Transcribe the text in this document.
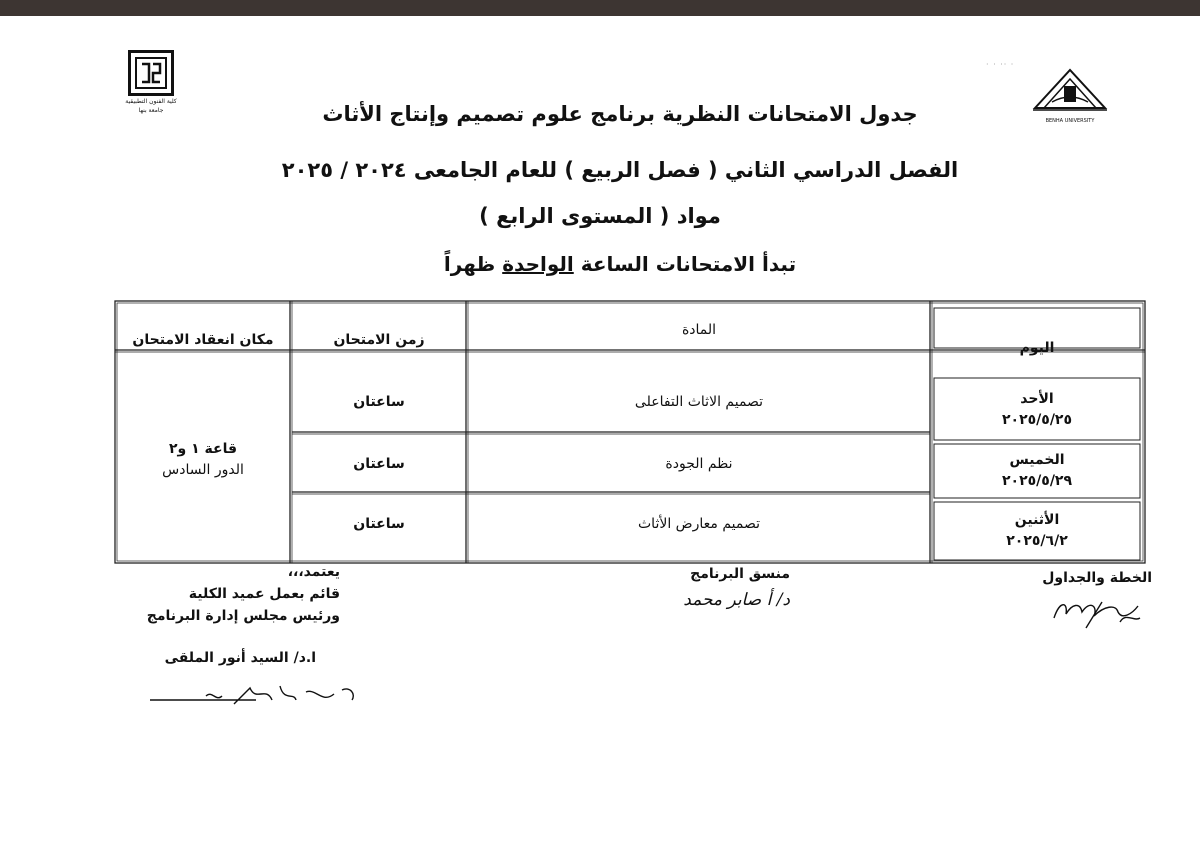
كلية الفنون التطبيقية
جامعة بنها
BENHA UNIVERSITY
· · ·· ·
جدول الامتحانات النظرية برنامج علوم تصميم وإنتاج الأثاث
الفصل الدراسي الثاني ( فصل الربيع ) للعام الجامعى ٢٠٢٤ / ٢٠٢٥
مواد ( المستوى الرابع )
تبدأ الامتحانات الساعة الواحدة ظهراً
اليوم
المادة
زمن الامتحان
مكان انعقاد الامتحان
الأحد
٢٠٢٥/٥/٢٥
تصميم الاثاث التفاعلى
ساعتان
الخميس
٢٠٢٥/٥/٢٩
نظم الجودة
ساعتان
الأثنين
٢٠٢٥/٦/٢
تصميم معارض الأثاث
ساعتان
قاعة ١ و٢
الدور السادس
الخطة والجداول
منسق البرنامج
د/ أ صابر محمد
يعتمد،،،
قائم بعمل عميد الكلية
ورئيس مجلس إدارة البرنامج
ا.د/ السيد أنور الملقى
